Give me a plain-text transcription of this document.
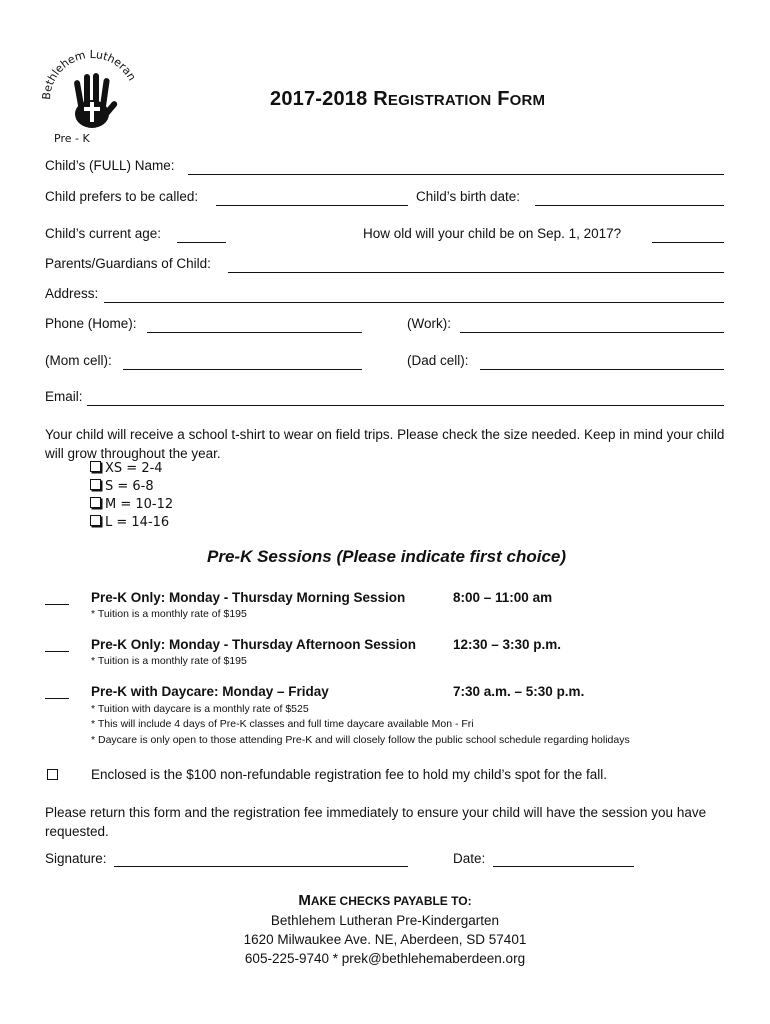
Bethlehem Lutheran
Pre - K
2017-2018 REGISTRATION FORM
Child’s (FULL) Name:
Child prefers to be called:	Child’s birth date:
Child’s current age:	How old will your child be on Sep. 1, 2017?
Parents/Guardians of Child:
Address:
Phone (Home):	(Work):
(Mom cell):	(Dad cell):
Email:
Your child will receive a school t-shirt to wear on field trips. Please check the size needed. Keep in mind your child will grow throughout the year.
XS = 2-4
S = 6-8
M = 10-12
L = 14-16
Pre-K Sessions (Please indicate first choice)
Pre-K Only: Monday - Thursday Morning Session	8:00 – 11:00 am
* Tuition is a monthly rate of $195
Pre-K Only: Monday - Thursday Afternoon Session	12:30 – 3:30 p.m.
* Tuition is a monthly rate of $195
Pre-K with Daycare: Monday – Friday	7:30 a.m. – 5:30 p.m.
* Tuition with daycare is a monthly rate of $525
* This will include 4 days of Pre-K classes and full time daycare available Mon - Fri
* Daycare is only open to those attending Pre-K and will closely follow the public school schedule regarding holidays
Enclosed is the $100 non-refundable registration fee to hold my child’s spot for the fall.
Please return this form and the registration fee immediately to ensure your child will have the session you have requested.
Signature:	Date:
MAKE CHECKS PAYABLE TO:
Bethlehem Lutheran Pre-Kindergarten
1620 Milwaukee Ave. NE, Aberdeen, SD 57401
605-225-9740 * prek@bethlehemaberdeen.org
